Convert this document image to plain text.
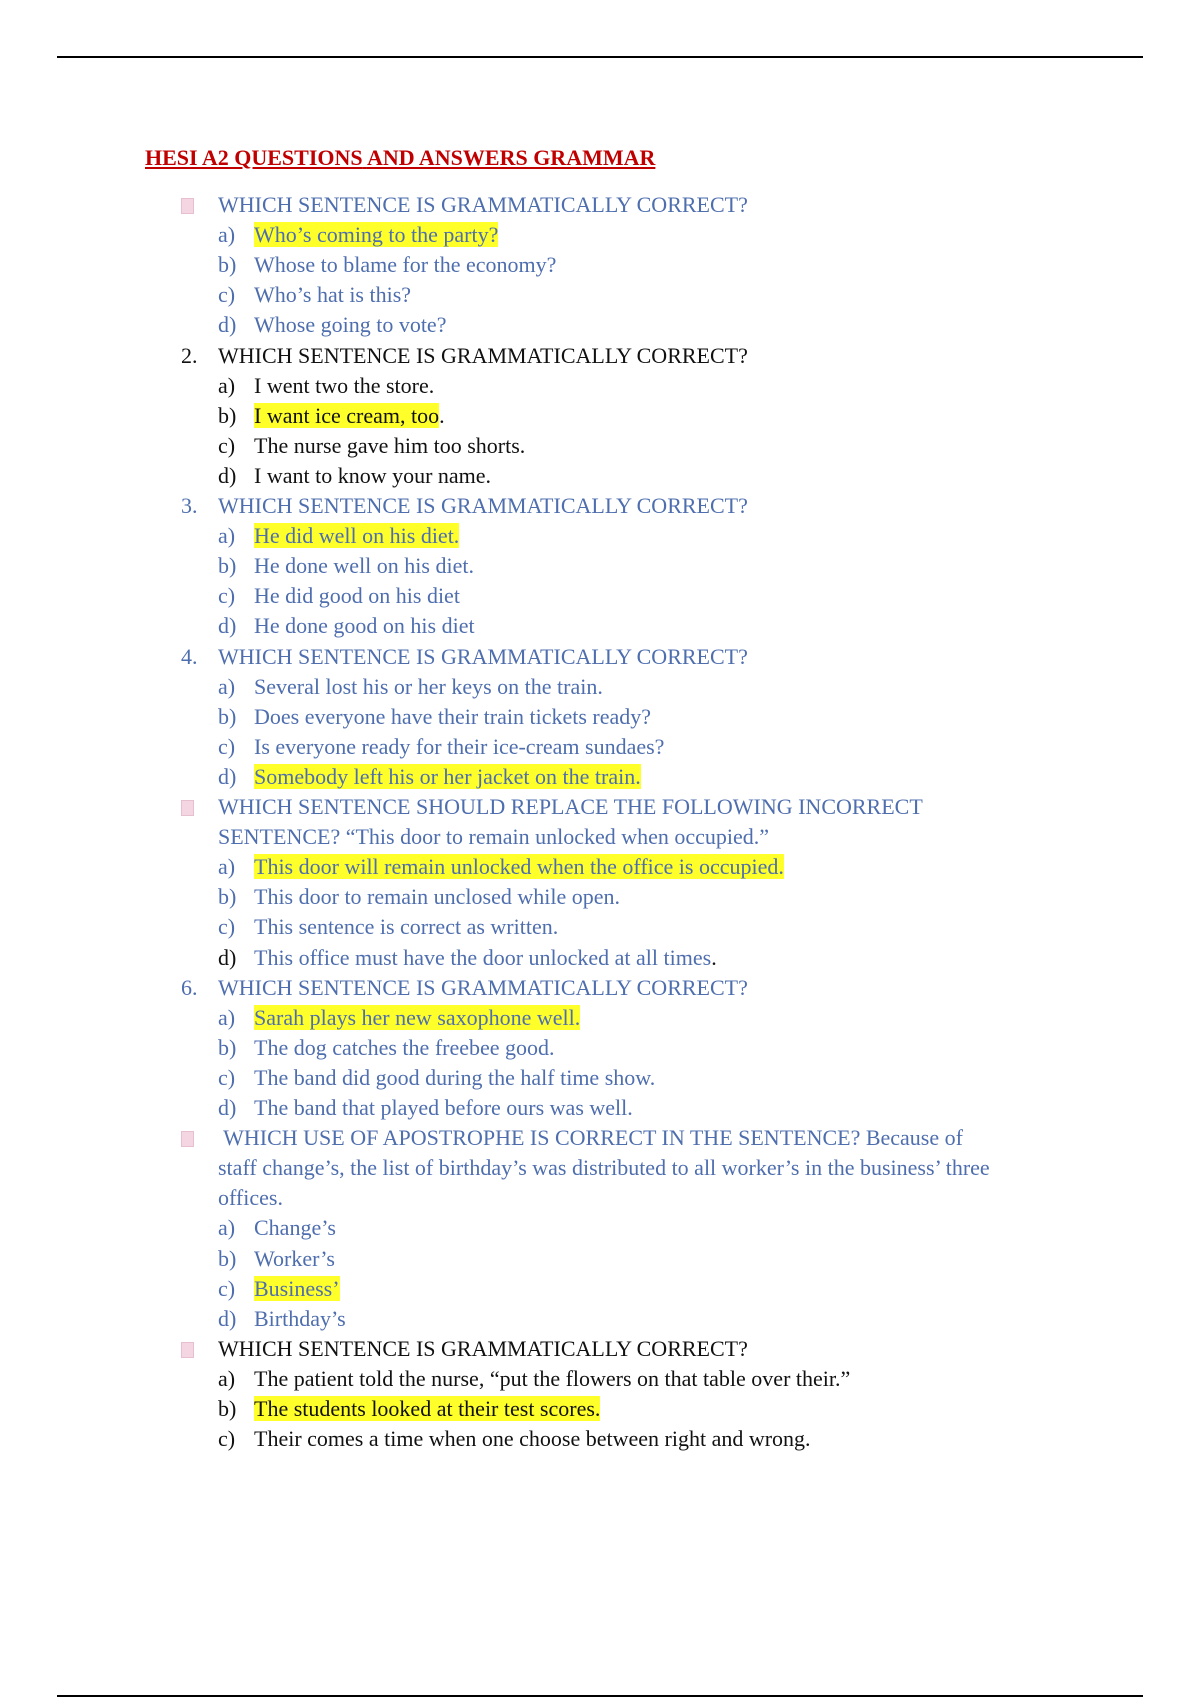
HESI A2 QUESTIONS AND ANSWERS GRAMMAR
WHICH SENTENCE IS GRAMMATICALLY CORRECT?
a) Who’s coming to the party?
b) Whose to blame for the economy?
c) Who’s hat is this?
d) Whose going to vote?
2. WHICH SENTENCE IS GRAMMATICALLY CORRECT?
a) I went two the store.
b) I want ice cream, too.
c) The nurse gave him too shorts.
d) I want to know your name.
3. WHICH SENTENCE IS GRAMMATICALLY CORRECT?
a) He did well on his diet.
b) He done well on his diet.
c) He did good on his diet
d) He done good on his diet
4. WHICH SENTENCE IS GRAMMATICALLY CORRECT?
a) Several lost his or her keys on the train.
b) Does everyone have their train tickets ready?
c) Is everyone ready for their ice-cream sundaes?
d) Somebody left his or her jacket on the train.
WHICH SENTENCE SHOULD REPLACE THE FOLLOWING INCORRECT
SENTENCE? “This door to remain unlocked when occupied.”
a) This door will remain unlocked when the office is occupied.
b) This door to remain unclosed while open.
c) This sentence is correct as written.
d) This office must have the door unlocked at all times.
6. WHICH SENTENCE IS GRAMMATICALLY CORRECT?
a) Sarah plays her new saxophone well.
b) The dog catches the freebee good.
c) The band did good during the half time show.
d) The band that played before ours was well.
WHICH USE OF APOSTROPHE IS CORRECT IN THE SENTENCE? Because of
staff change’s, the list of birthday’s was distributed to all worker’s in the business’ three
offices.
a) Change’s
b) Worker’s
c) Business’
d) Birthday’s
WHICH SENTENCE IS GRAMMATICALLY CORRECT?
a) The patient told the nurse, “put the flowers on that table over their.”
b) The students looked at their test scores.
c) Their comes a time when one choose between right and wrong.
